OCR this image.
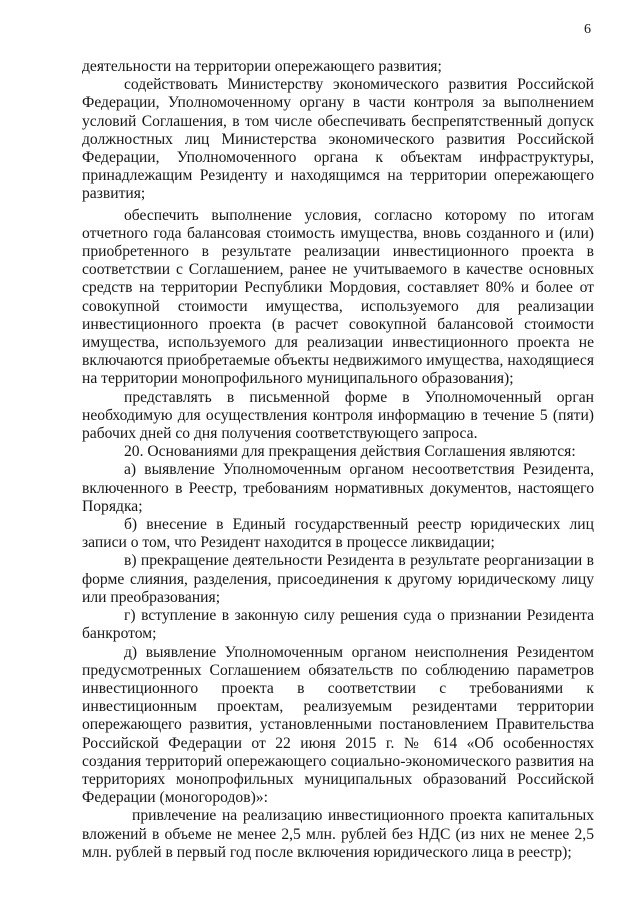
6

деятельности на территории опережающего развития;

содействовать Министерству экономического развития Российской Федерации, Уполномоченному органу в части контроля за выполнением условий Соглашения, в том числе обеспечивать беспрепятственный допуск должностных лиц Министерства экономического развития Российской Федерации, Уполномоченного органа к объектам инфраструктуры, принадлежащим Резиденту и находящимся на территории опережающего развития;

обеспечить выполнение условия, согласно которому по итогам отчетного года балансовая стоимость имущества, вновь созданного и (или) приобретенного в результате реализации инвестиционного проекта в соответствии с Соглашением, ранее не учитываемого в качестве основных средств на территории Республики Мордовия, составляет 80% и более от совокупной стоимости имущества, используемого для реализации инвестиционного проекта (в расчет совокупной балансовой стоимости имущества, используемого для реализации инвестиционного проекта не включаются приобретаемые объекты недвижимого имущества, находящиеся на территории монопрофильного муниципального образования);

представлять в письменной форме в Уполномоченный орган необходимую для осуществления контроля информацию в течение 5 (пяти) рабочих дней со дня получения соответствующего запроса.

20. Основаниями для прекращения действия Соглашения являются:

а) выявление Уполномоченным органом несоответствия Резидента, включенного в Реестр, требованиям нормативных документов, настоящего Порядка;

б) внесение в Единый государственный реестр юридических лиц записи о том, что Резидент находится в процессе ликвидации;

в) прекращение деятельности Резидента в результате реорганизации в форме слияния, разделения, присоединения к другому юридическому лицу или преобразования;

г) вступление в законную силу решения суда о признании Резидента банкротом;

д) выявление Уполномоченным органом неисполнения Резидентом предусмотренных Соглашением обязательств по соблюдению параметров инвестиционного проекта в соответствии с требованиями к инвестиционным проектам, реализуемым резидентами территории опережающего развития, установленными постановлением Правительства Российской Федерации от 22 июня 2015 г. № 614 «Об особенностях создания территорий опережающего социально-экономического развития на территориях монопрофильных муниципальных образований Российской Федерации (моногородов)»:

привлечение на реализацию инвестиционного проекта капитальных вложений в объеме не менее 2,5 млн. рублей без НДС (из них не менее 2,5 млн. рублей в первый год после включения юридического лица в реестр);
